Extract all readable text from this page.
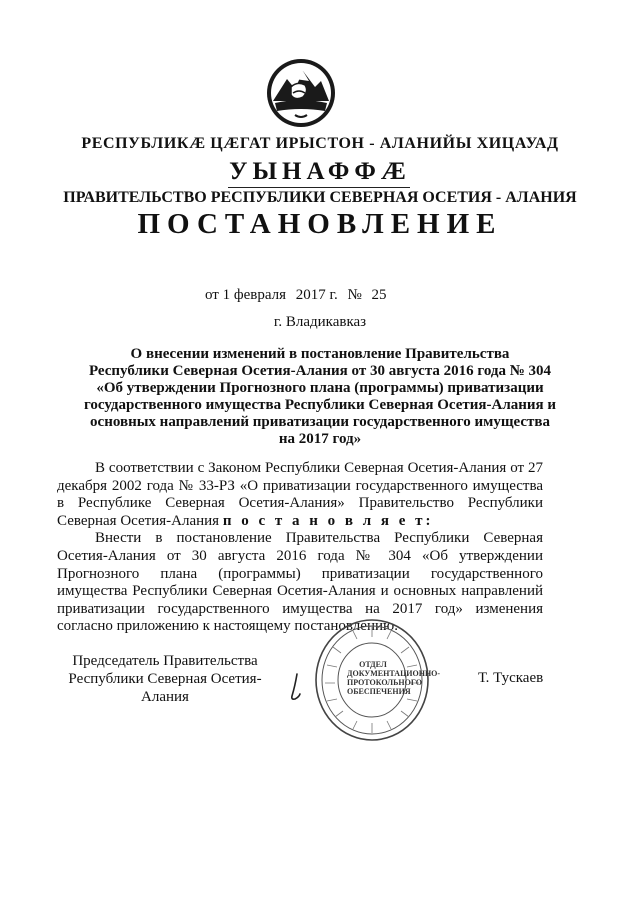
РЕСПУБЛИКÆ ЦÆГАТ ИРЫСТОН - АЛАНИЙЫ ХИЦАУАД
УЫНАФФÆ
ПРАВИТЕЛЬСТВО РЕСПУБЛИКИ СЕВЕРНАЯ ОСЕТИЯ - АЛАНИЯ
ПОСТАНОВЛЕНИЕ
от 1 февраля 2017 г. № 25
г. Владикавказ
О внесении изменений в постановление Правительства
Республики Северная Осетия-Алания от 30 августа 2016 года № 304
«Об утверждении Прогнозного плана (программы) приватизации
государственного имущества Республики Северная Осетия-Алания и
основных направлений приватизации государственного имущества
на 2017 год»

В соответствии с Законом Республики Северная Осетия-Алания от 27 декабря 2002 года № 33-РЗ «О приватизации государственного имущества в Республике Северная Осетия-Алания» Правительство Республики Северная Осетия-Алания п о с т а н о в л я е т:

Внести в постановление Правительства Республики Северная Осетия-Алания от 30 августа 2016 года № 304 «Об утверждении Прогнозного плана (программы) приватизации государственного имущества Республики Северная Осетия-Алания и основных направлений приватизации государственного имущества на 2017 год» изменения согласно приложению к настоящему постановлению.

Председатель Правительства
Республики Северная Осетия-Алания
ОТДЕЛ ДОКУМЕНТАЦИОННО-ПРОТОКОЛЬНОГО ОБЕСПЕЧЕНИЯ
Т. Тускаев
